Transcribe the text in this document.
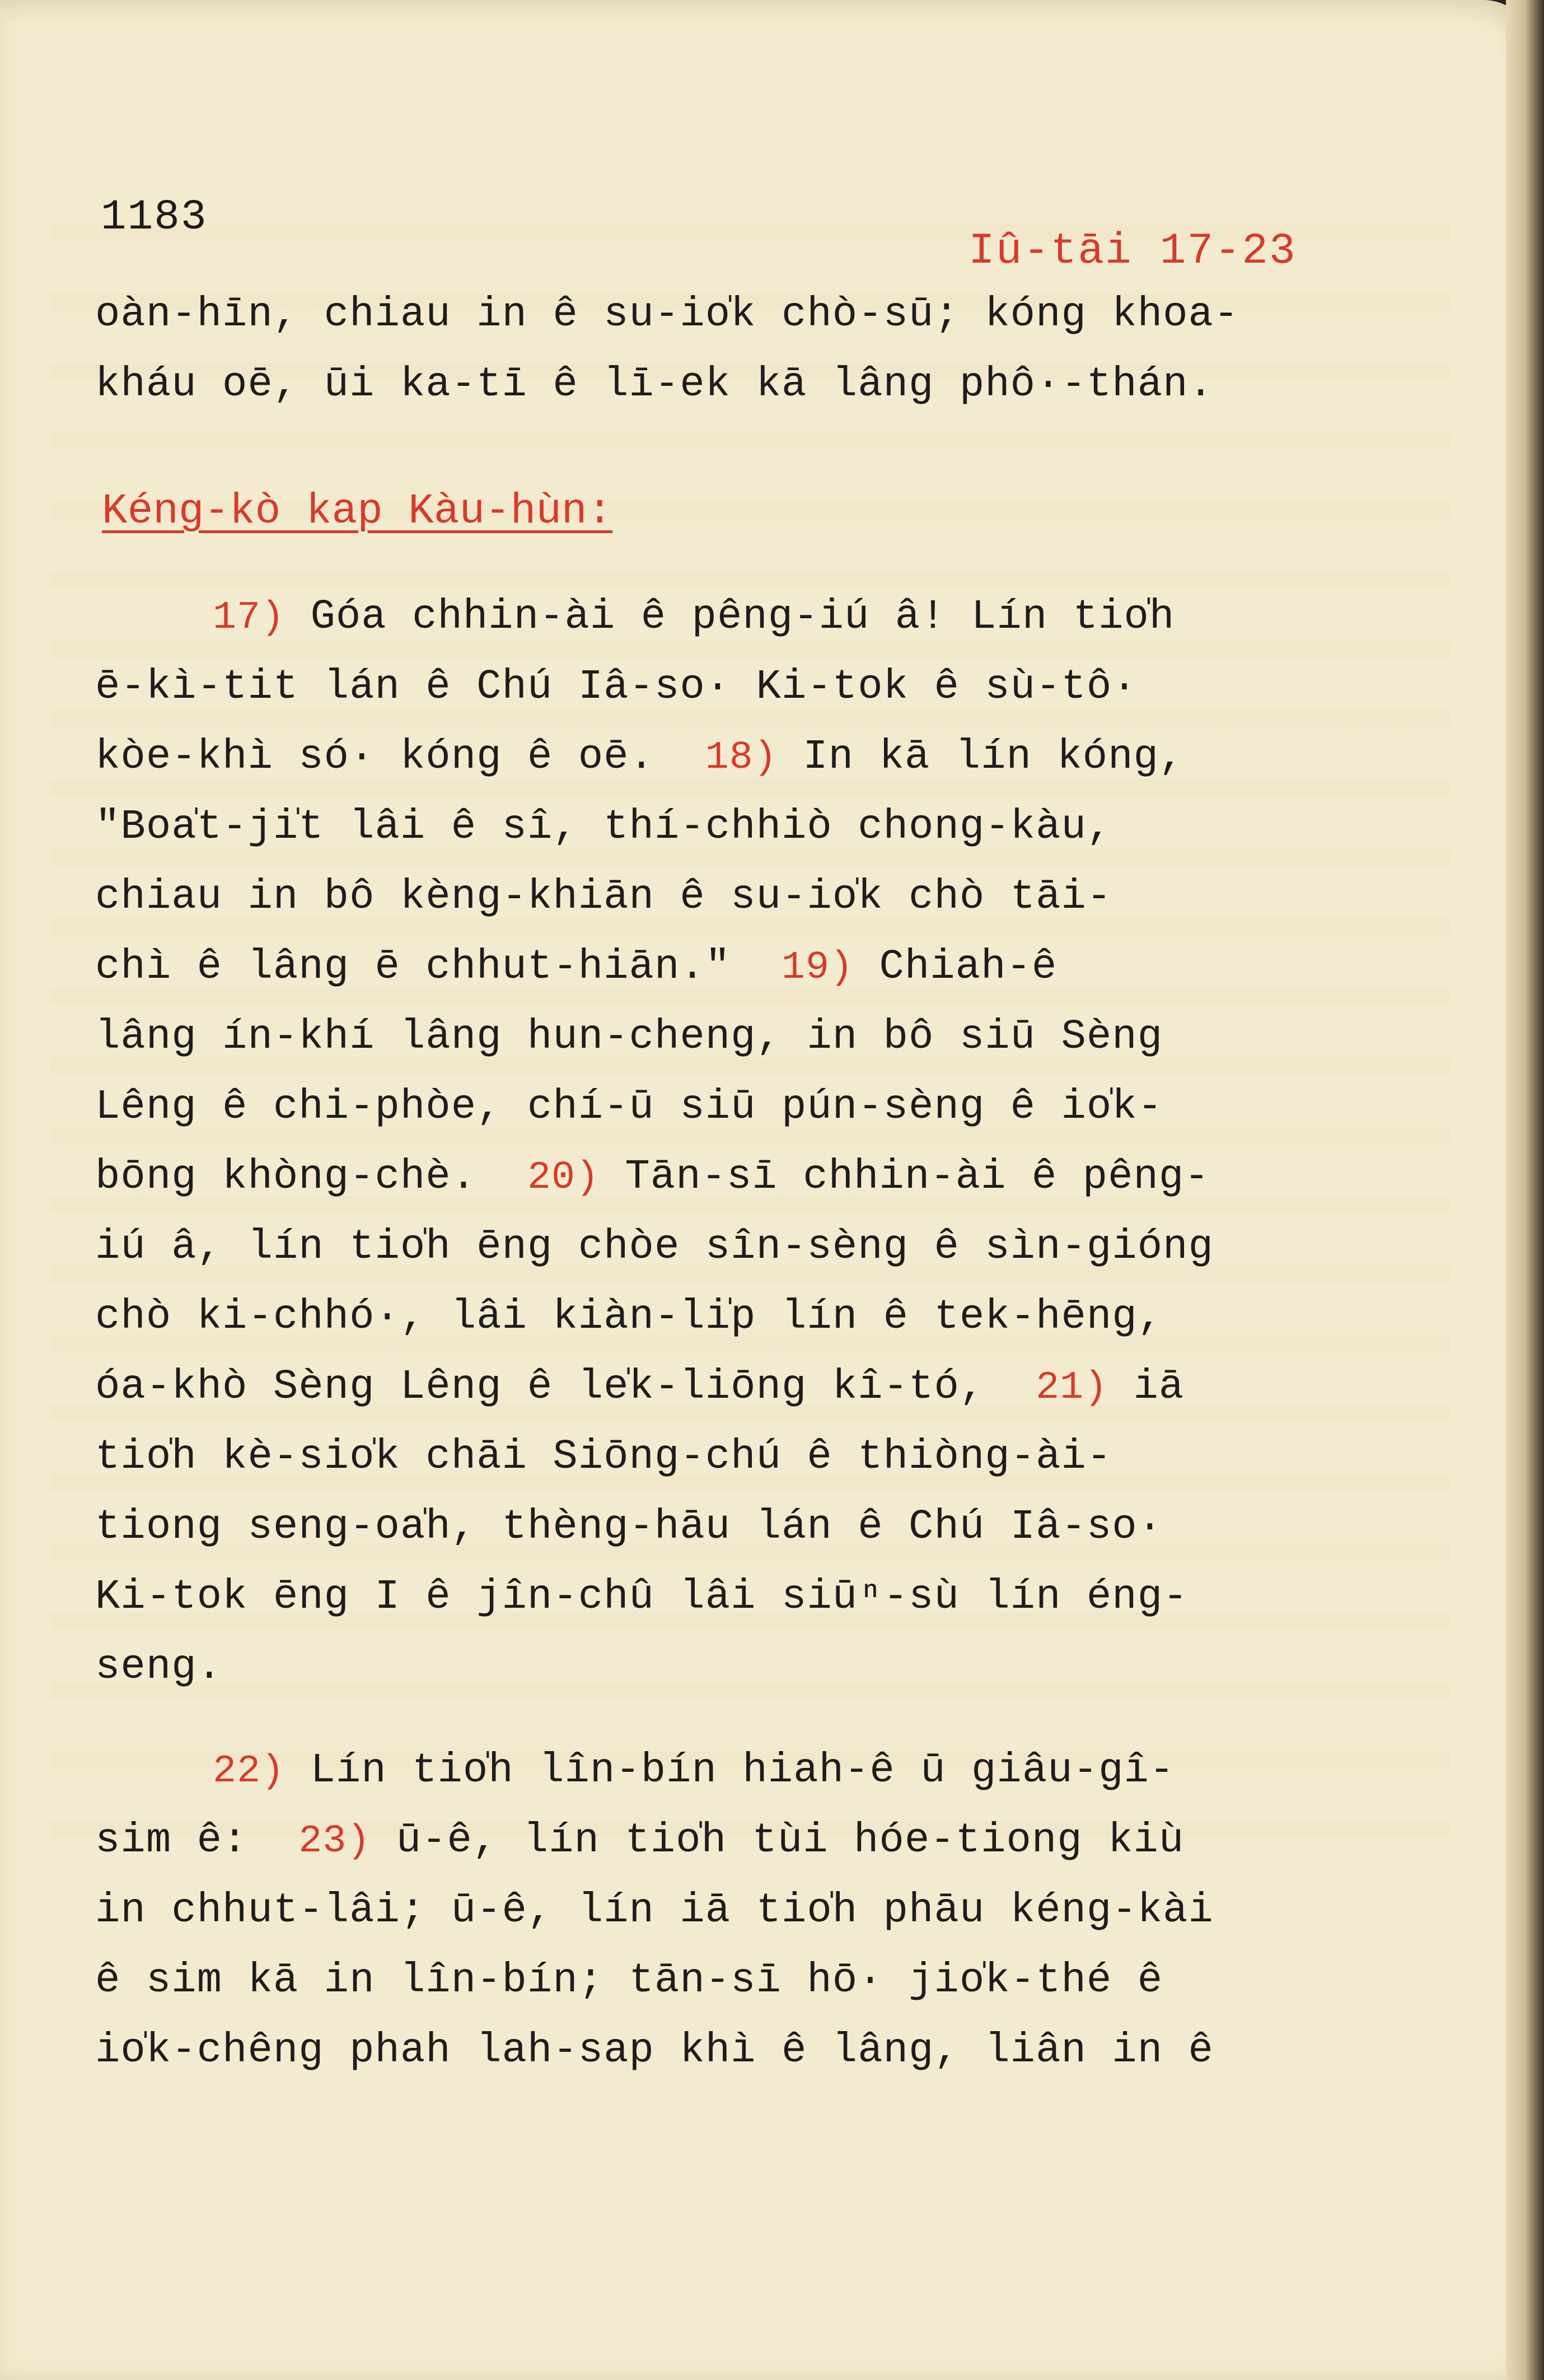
1183
Iû-tāi 17-23
oàn-hīn, chiau in ê su-io̍k chò-sū; kóng khoa-
kháu oē, ūi ka-tī ê lī-ek kā lâng phô·-thán.
Kéng-kò kap Kàu-hùn:
17) Góa chhin-ài ê pêng-iú â! Lín tio̍h
ē-kì-tit lán ê Chú Iâ-so· Ki-tok ê sù-tô·
kòe-khì só· kóng ê oē.  18) In kā lín kóng,
"Boa̍t-ji̍t lâi ê sî, thí-chhiò chong-kàu,
chiau in bô kèng-khiān ê su-io̍k chò tāi-
chì ê lâng ē chhut-hiān."  19) Chiah-ê
lâng ín-khí lâng hun-cheng, in bô siū Sèng
Lêng ê chi-phòe, chí-ū siū pún-sèng ê io̍k-
bōng khòng-chè.  20) Tān-sī chhin-ài ê pêng-
iú â, lín tio̍h ēng chòe sîn-sèng ê sìn-gióng
chò ki-chhó·, lâi kiàn-li̍p lín ê tek-hēng,
óa-khò Sèng Lêng ê le̍k-liōng kî-tó,  21) iā
tio̍h kè-sio̍k chāi Siōng-chú ê thiòng-ài-
tiong seng-oa̍h, thèng-hāu lán ê Chú Iâ-so·
Ki-tok ēng I ê jîn-chû lâi siūⁿ-sù lín éng-
seng.
22) Lín tio̍h lîn-bín hiah-ê ū giâu-gî-
sim ê:  23) ū-ê, lín tio̍h tùi hóe-tiong kiù
in chhut-lâi; ū-ê, lín iā tio̍h phāu kéng-kài
ê sim kā in lîn-bín; tān-sī hō· jio̍k-thé ê
io̍k-chêng phah lah-sap khì ê lâng, liân in ê
